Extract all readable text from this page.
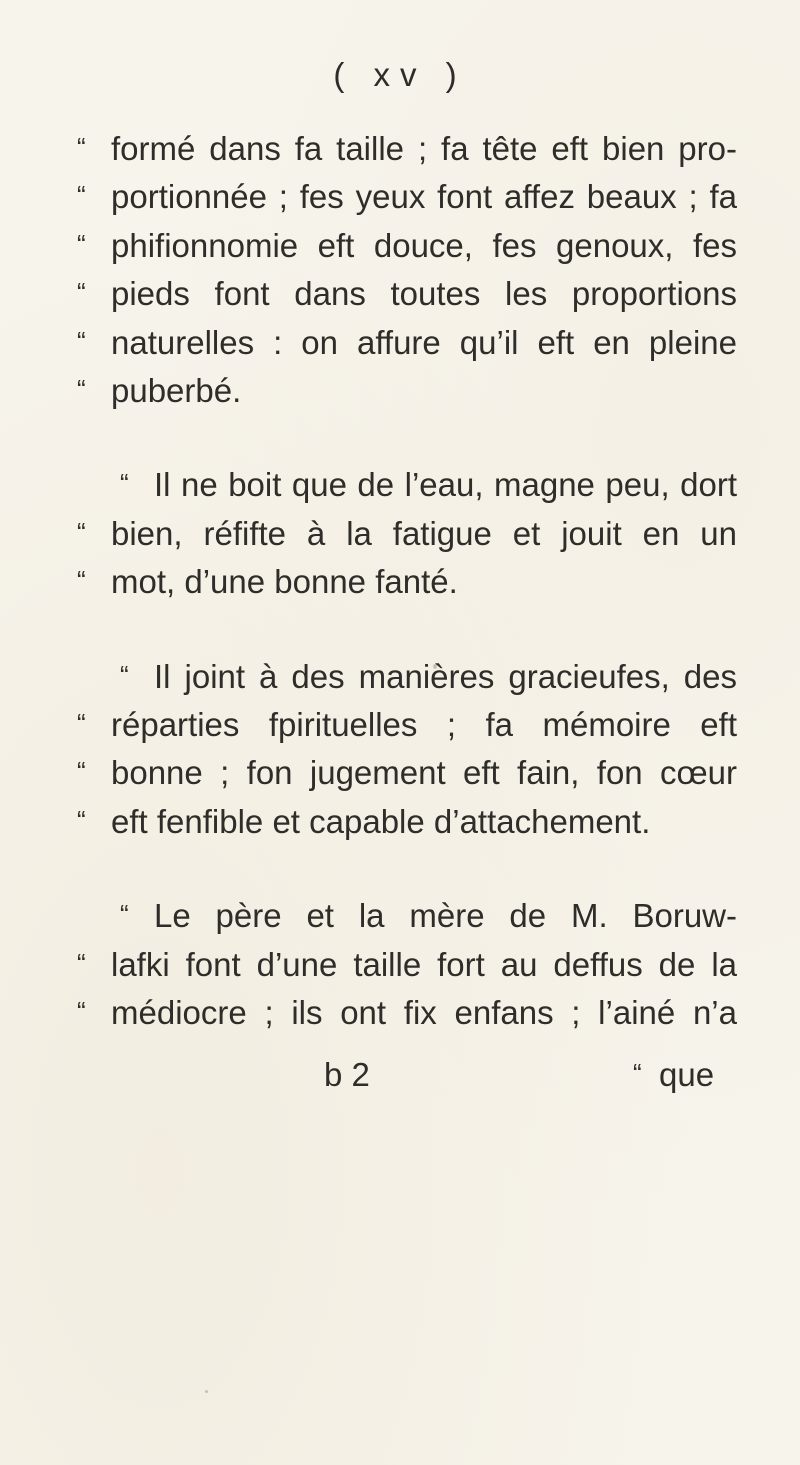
( xv )
“ formé dans fa taille ; fa tête eft bien pro-
“ portionnée ; fes yeux font affez beaux ; fa
“ phifionnomie eft douce, fes genoux, fes
“ pieds font dans toutes les proportions
“ naturelles : on affure qu’il eft en pleine
“ puberbé.
“ Il ne boit que de l’eau, magne peu, dort
“ bien, réfifte à la fatigue et jouit en un
“ mot, d’une bonne fanté.
“ Il joint à des manières gracieufes, des
“ réparties fpirituelles ; fa mémoire eft
“ bonne ; fon jugement eft fain, fon cœur
“ eft fenfible et capable d’attachement.
“ Le père et la mère de M. Boruw-
“ lafki font d’une taille fort au deffus de la
“ médiocre ; ils ont fix enfans ; l’ainé n’a
b 2	“ que
